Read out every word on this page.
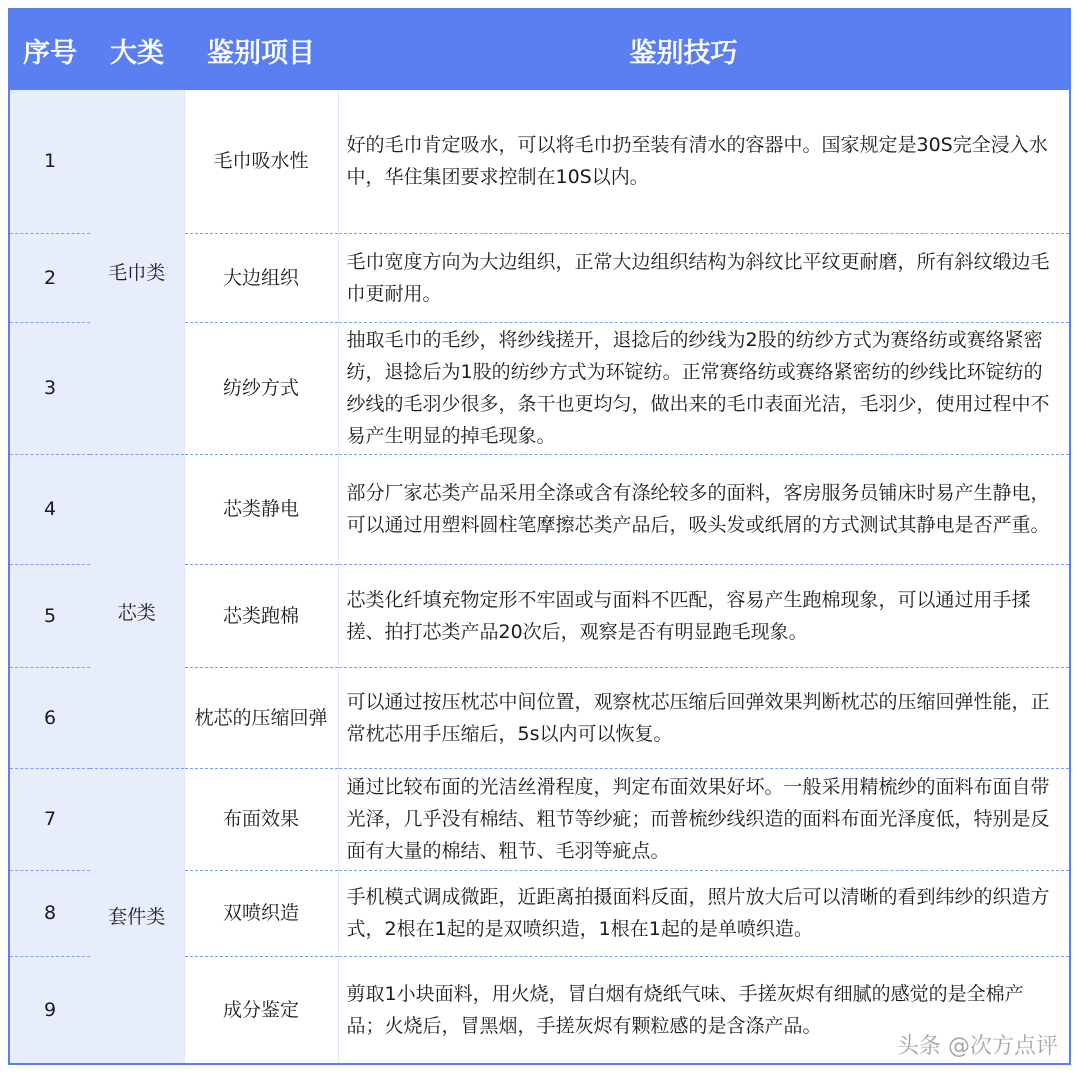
序号	大类	鉴别项目	鉴别技巧
1	毛巾类	毛巾吸水性	好的毛巾肯定吸水，可以将毛巾扔至装有清水的容器中。国家规定是30S完全浸入水中，华住集团要求控制在10S以内。
2		大边组织	毛巾宽度方向为大边组织，正常大边组织结构为斜纹比平纹更耐磨，所有斜纹缎边毛巾更耐用。
3		纺纱方式	抽取毛巾的毛纱，将纱线搓开，退捻后的纱线为2股的纺纱方式为赛络纺或赛络紧密纺，退捻后为1股的纺纱方式为环锭纺。正常赛络纺或赛络紧密纺的纱线比环锭纺的纱线的毛羽少很多，条干也更均匀，做出来的毛巾表面光洁，毛羽少，使用过程中不易产生明显的掉毛现象。
4	芯类	芯类静电	部分厂家芯类产品采用全涤或含有涤纶较多的面料，客房服务员铺床时易产生静电，可以通过用塑料圆柱笔摩擦芯类产品后，吸头发或纸屑的方式测试其静电是否严重。
5		芯类跑棉	芯类化纤填充物定形不牢固或与面料不匹配，容易产生跑棉现象，可以通过用手揉搓、拍打芯类产品20次后，观察是否有明显跑毛现象。
6		枕芯的压缩回弹	可以通过按压枕芯中间位置，观察枕芯压缩后回弹效果判断枕芯的压缩回弹性能，正常枕芯用手压缩后，5s以内可以恢复。
7	套件类	布面效果	通过比较布面的光洁丝滑程度，判定布面效果好坏。一般采用精梳纱的面料布面自带光泽，几乎没有棉结、粗节等纱疵；而普梳纱线织造的面料布面光泽度低，特别是反面有大量的棉结、粗节、毛羽等疵点。
8		双喷织造	手机模式调成微距，近距离拍摄面料反面，照片放大后可以清晰的看到纬纱的织造方式，2根在1起的是双喷织造，1根在1起的是单喷织造。
9		成分鉴定	剪取1小块面料，用火烧，冒白烟有烧纸气味、手搓灰烬有细腻的感觉的是全棉产品；火烧后，冒黑烟，手搓灰烬有颗粒感的是含涤产品。
头条 @次方点评
